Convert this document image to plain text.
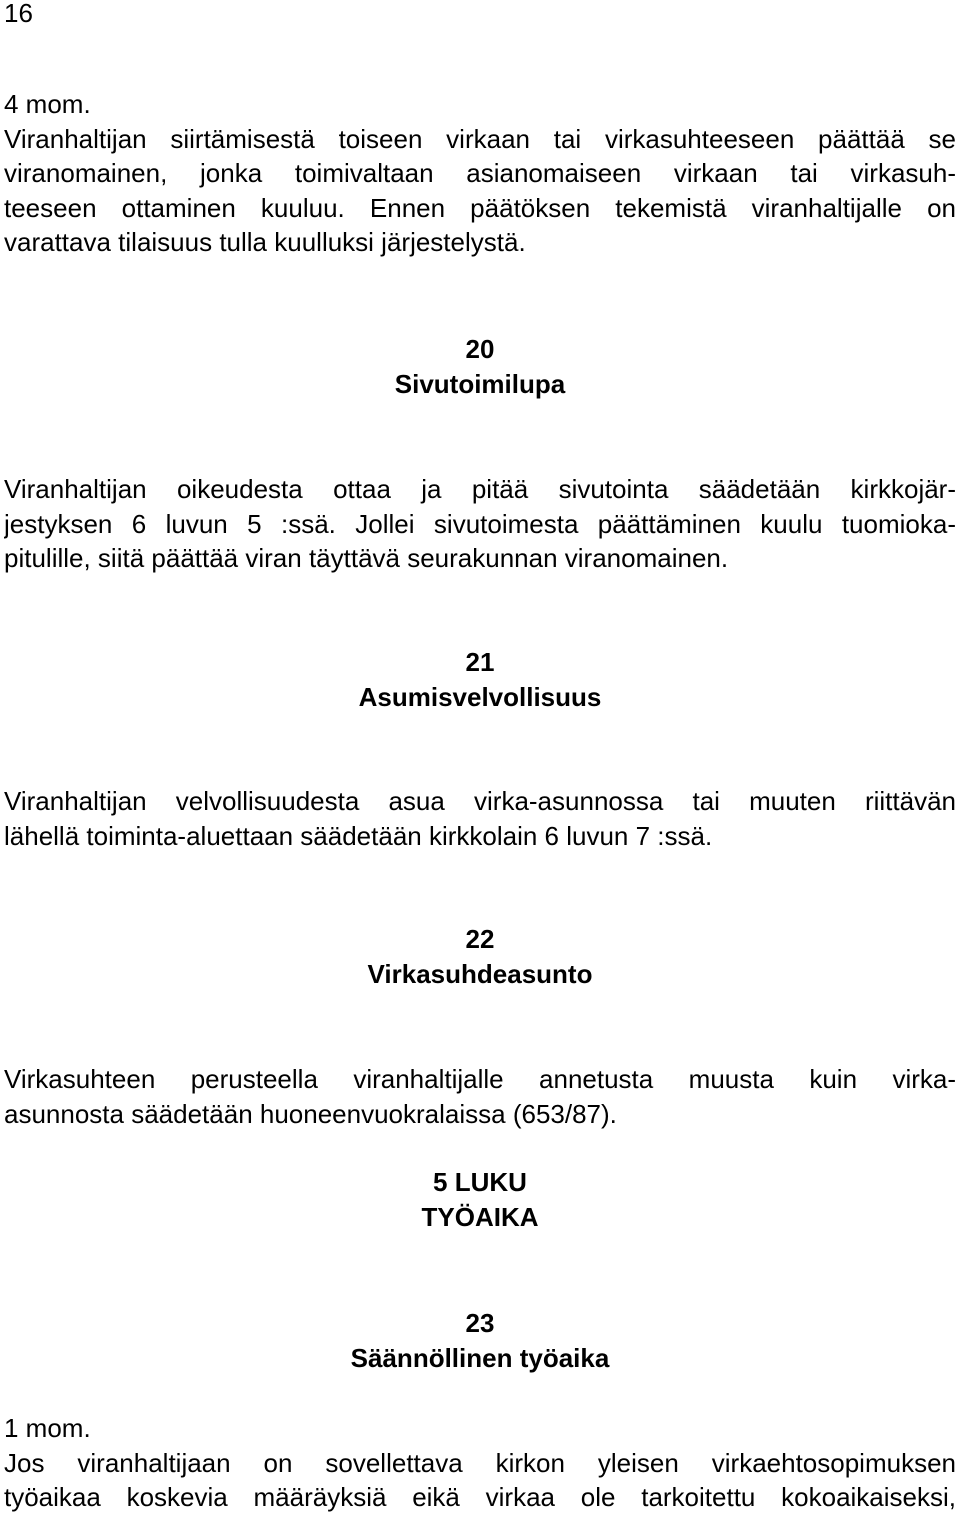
16
4 mom.
Viranhaltijan siirtämisestä toiseen virkaan tai virkasuhteeseen päättää se
viranomainen, jonka toimivaltaan asianomaiseen virkaan tai virkasuh-
teeseen ottaminen kuuluu. Ennen päätöksen tekemistä viranhaltijalle on
varattava tilaisuus tulla kuulluksi järjestelystä.
20
Sivutoimilupa
Viranhaltijan oikeudesta ottaa ja pitää sivutointa säädetään kirkkojär-
jestyksen 6 luvun 5 :ssä. Jollei sivutoimesta päättäminen kuulu tuomioka-
pitulille, siitä päättää viran täyttävä seurakunnan viranomainen.
21
Asumisvelvollisuus
Viranhaltijan velvollisuudesta asua virka-asunnossa tai muuten riittävän
lähellä toiminta-aluettaan säädetään kirkkolain 6 luvun 7 :ssä.
22
Virkasuhdeasunto
Virkasuhteen perusteella viranhaltijalle annetusta muusta kuin virka-
asunnosta säädetään huoneenvuokralaissa (653/87).
5 LUKU
TYÖAIKA
23
Säännöllinen työaika
1 mom.
Jos viranhaltijaan on sovellettava kirkon yleisen virkaehtosopimuksen
työaikaa koskevia määräyksiä eikä virkaa ole tarkoitettu kokoaikaiseksi,
